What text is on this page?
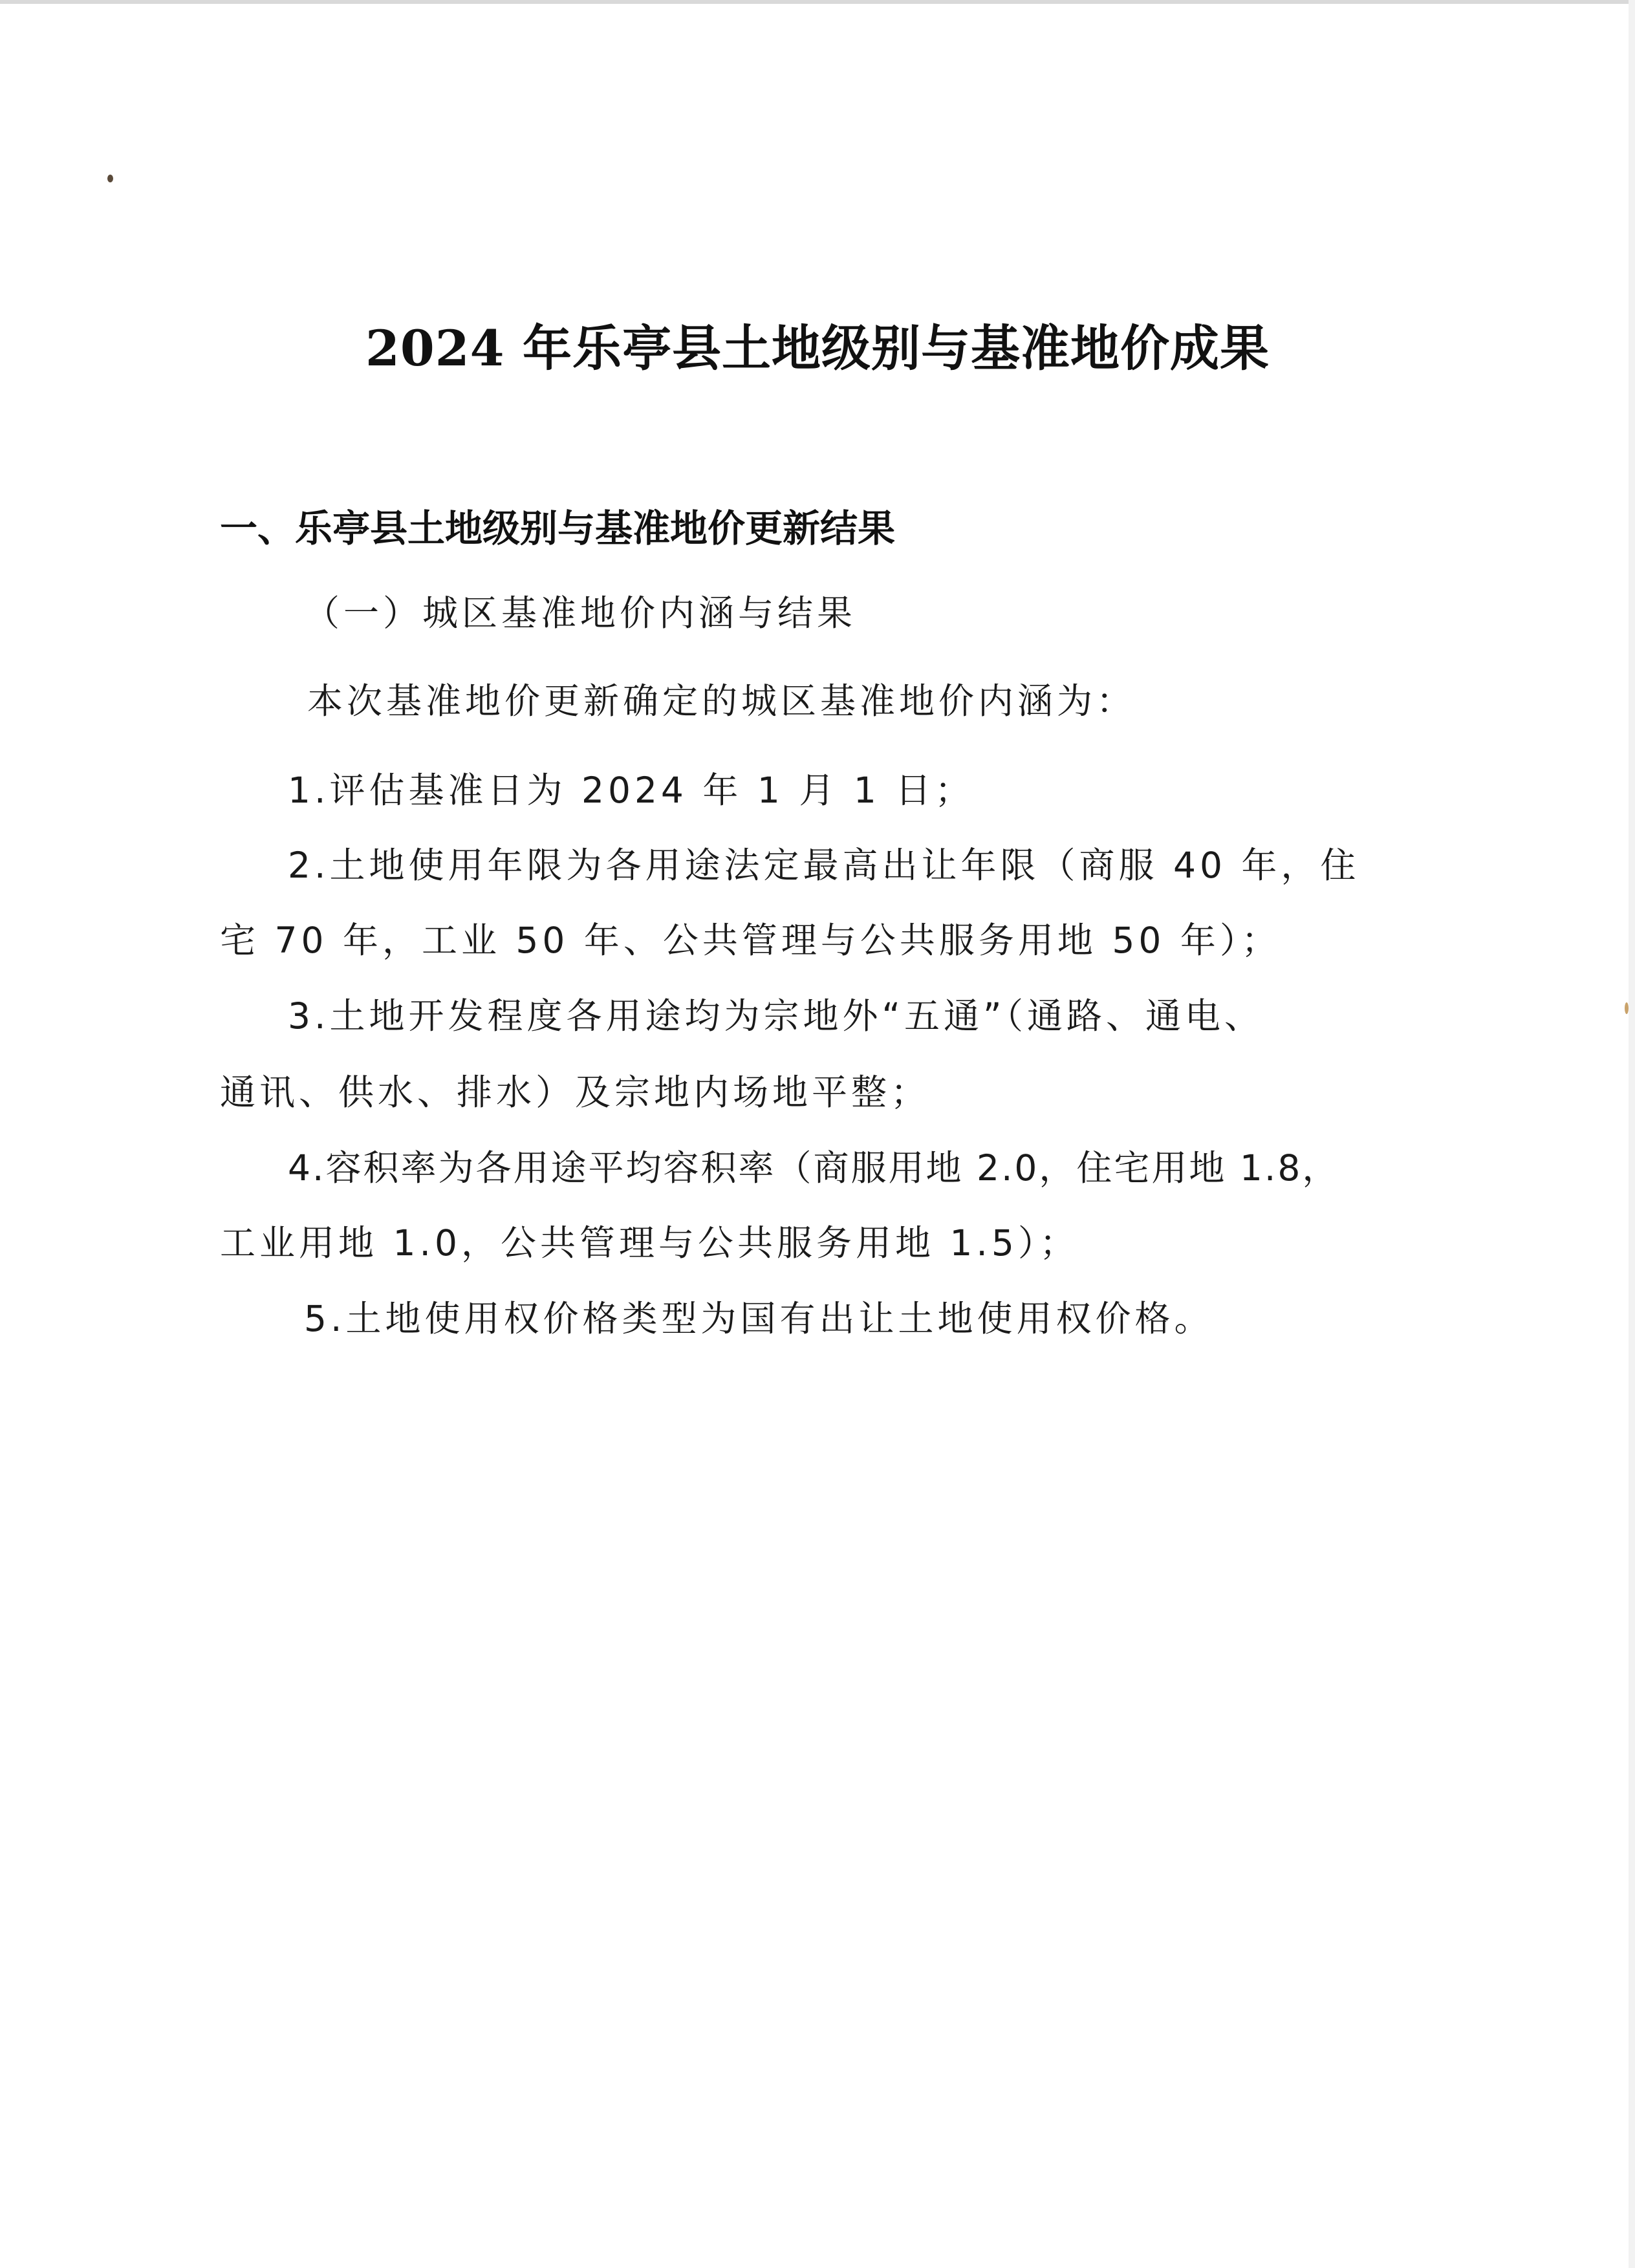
2024 年乐亭县土地级别与基准地价成果
一、乐亭县土地级别与基准地价更新结果

（一）城区基准地价内涵与结果

本次基准地价更新确定的城区基准地价内涵为：

1.评估基准日为 2024 年 1 月 1 日；

2.土地使用年限为各用途法定最高出让年限（商服 40 年，住

宅 70 年，工业 50 年、公共管理与公共服务用地 50 年）；

3.土地开发程度各用途均为宗地外“五通”（通路、通电、

通讯、供水、排水）及宗地内场地平整；

4.容积率为各用途平均容积率（商服用地 2.0，住宅用地 1.8，

工业用地 1.0，公共管理与公共服务用地 1.5）；

5.土地使用权价格类型为国有出让土地使用权价格。
